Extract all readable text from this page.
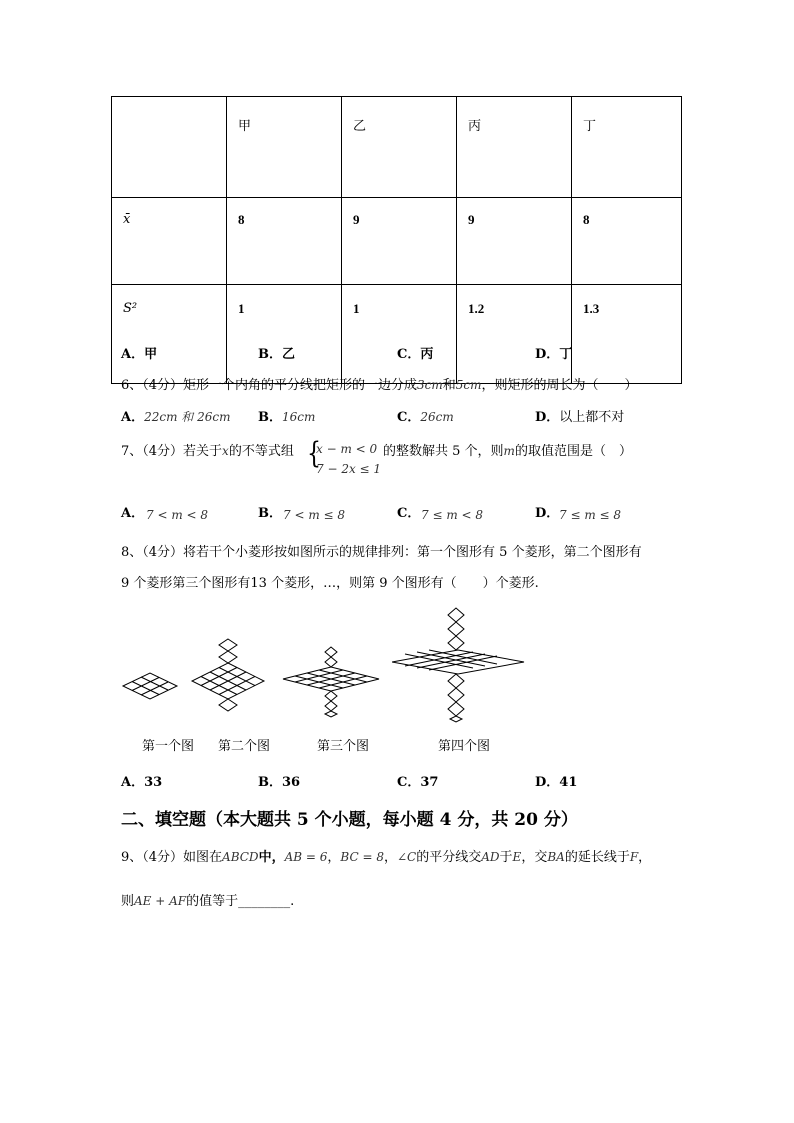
	甲	乙	丙	丁
x̄	8	9	9	8
S²	1	1	1.2	1.3
A．甲	B．乙	C．丙	D．丁
6、（4分）矩形一个内角的平分线把矩形的一边分成3cm和5cm，则矩形的周长为（　　）
A．22cm 和 26cm B．16cm	C．26cm	D．以上都不对
7、（4分）若关于x的不等式组 {
x − m < 0
7 − 2x ≤ 1
的整数解共 5 个，则m的取值范围是（　）
A． 7 < m < 8	B． 7 < m ≤ 8	C． 7 ≤ m < 8	D． 7 ≤ m ≤ 8
8、（4分）将若干个小菱形按如图所示的规律排列：第一个图形有 5 个菱形，第二个图形有
9 个菱形第三个图形有13 个菱形，…，则第 9 个图形有（　　）个菱形.
第一个图 第二个图	第三个图	第四个图
A．33	B．36	C．37	D．41
二、填空题（本大题共 5 个小题，每小题 4 分，共 20 分）
9、（4分）如图在ABCD中，AB = 6，BC = 8，∠C的平分线交AD于E，交BA的延长线于F，
则AE + AF的值等于________.
